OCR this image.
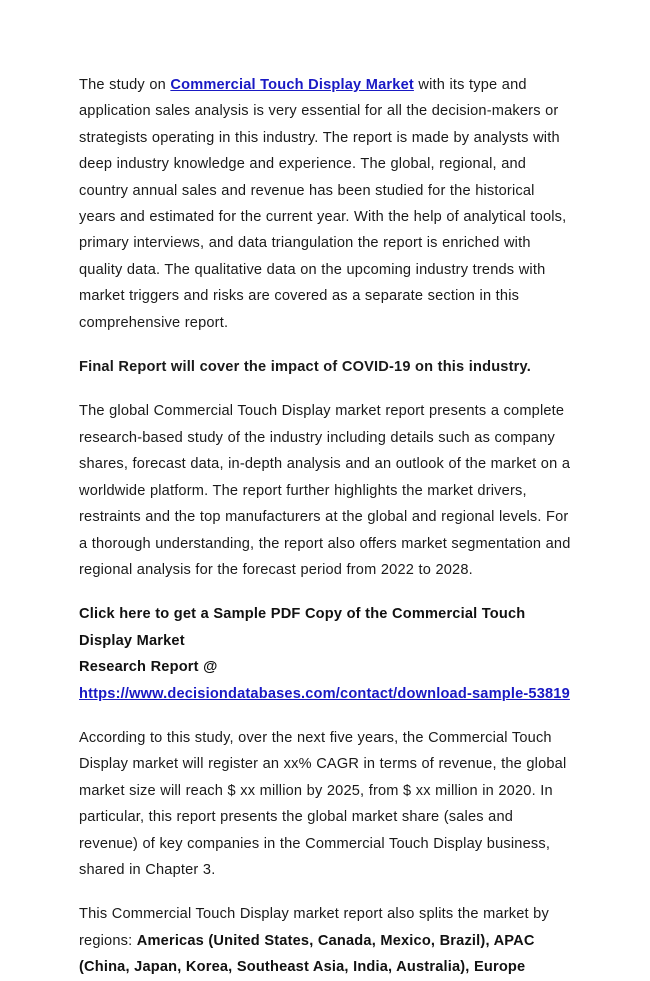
The study on Commercial Touch Display Market with its type and application sales analysis is very essential for all the decision-makers or strategists operating in this industry. The report is made by analysts with deep industry knowledge and experience. The global, regional, and country annual sales and revenue has been studied for the historical years and estimated for the current year. With the help of analytical tools, primary interviews, and data triangulation the report is enriched with quality data. The qualitative data on the upcoming industry trends with market triggers and risks are covered as a separate section in this comprehensive report.

Final Report will cover the impact of COVID-19 on this industry.

The global Commercial Touch Display market report presents a complete research-based study of the industry including details such as company shares, forecast data, in-depth analysis and an outlook of the market on a worldwide platform. The report further highlights the market drivers, restraints and the top manufacturers at the global and regional levels. For a thorough understanding, the report also offers market segmentation and regional analysis for the forecast period from 2022 to 2028.

Click here to get a Sample PDF Copy of the Commercial Touch Display Market
Research Report @ https://www.decisiondatabases.com/contact/download-sample-53819

According to this study, over the next five years, the Commercial Touch Display market will register an xx% CAGR in terms of revenue, the global market size will reach $ xx million by 2025, from $ xx million in 2020. In particular, this report presents the global market share (sales and revenue) of key companies in the Commercial Touch Display business, shared in Chapter 3.

This Commercial Touch Display market report also splits the market by regions: Americas (United States, Canada, Mexico, Brazil), APAC (China, Japan, Korea, Southeast Asia, India, Australia), Europe
